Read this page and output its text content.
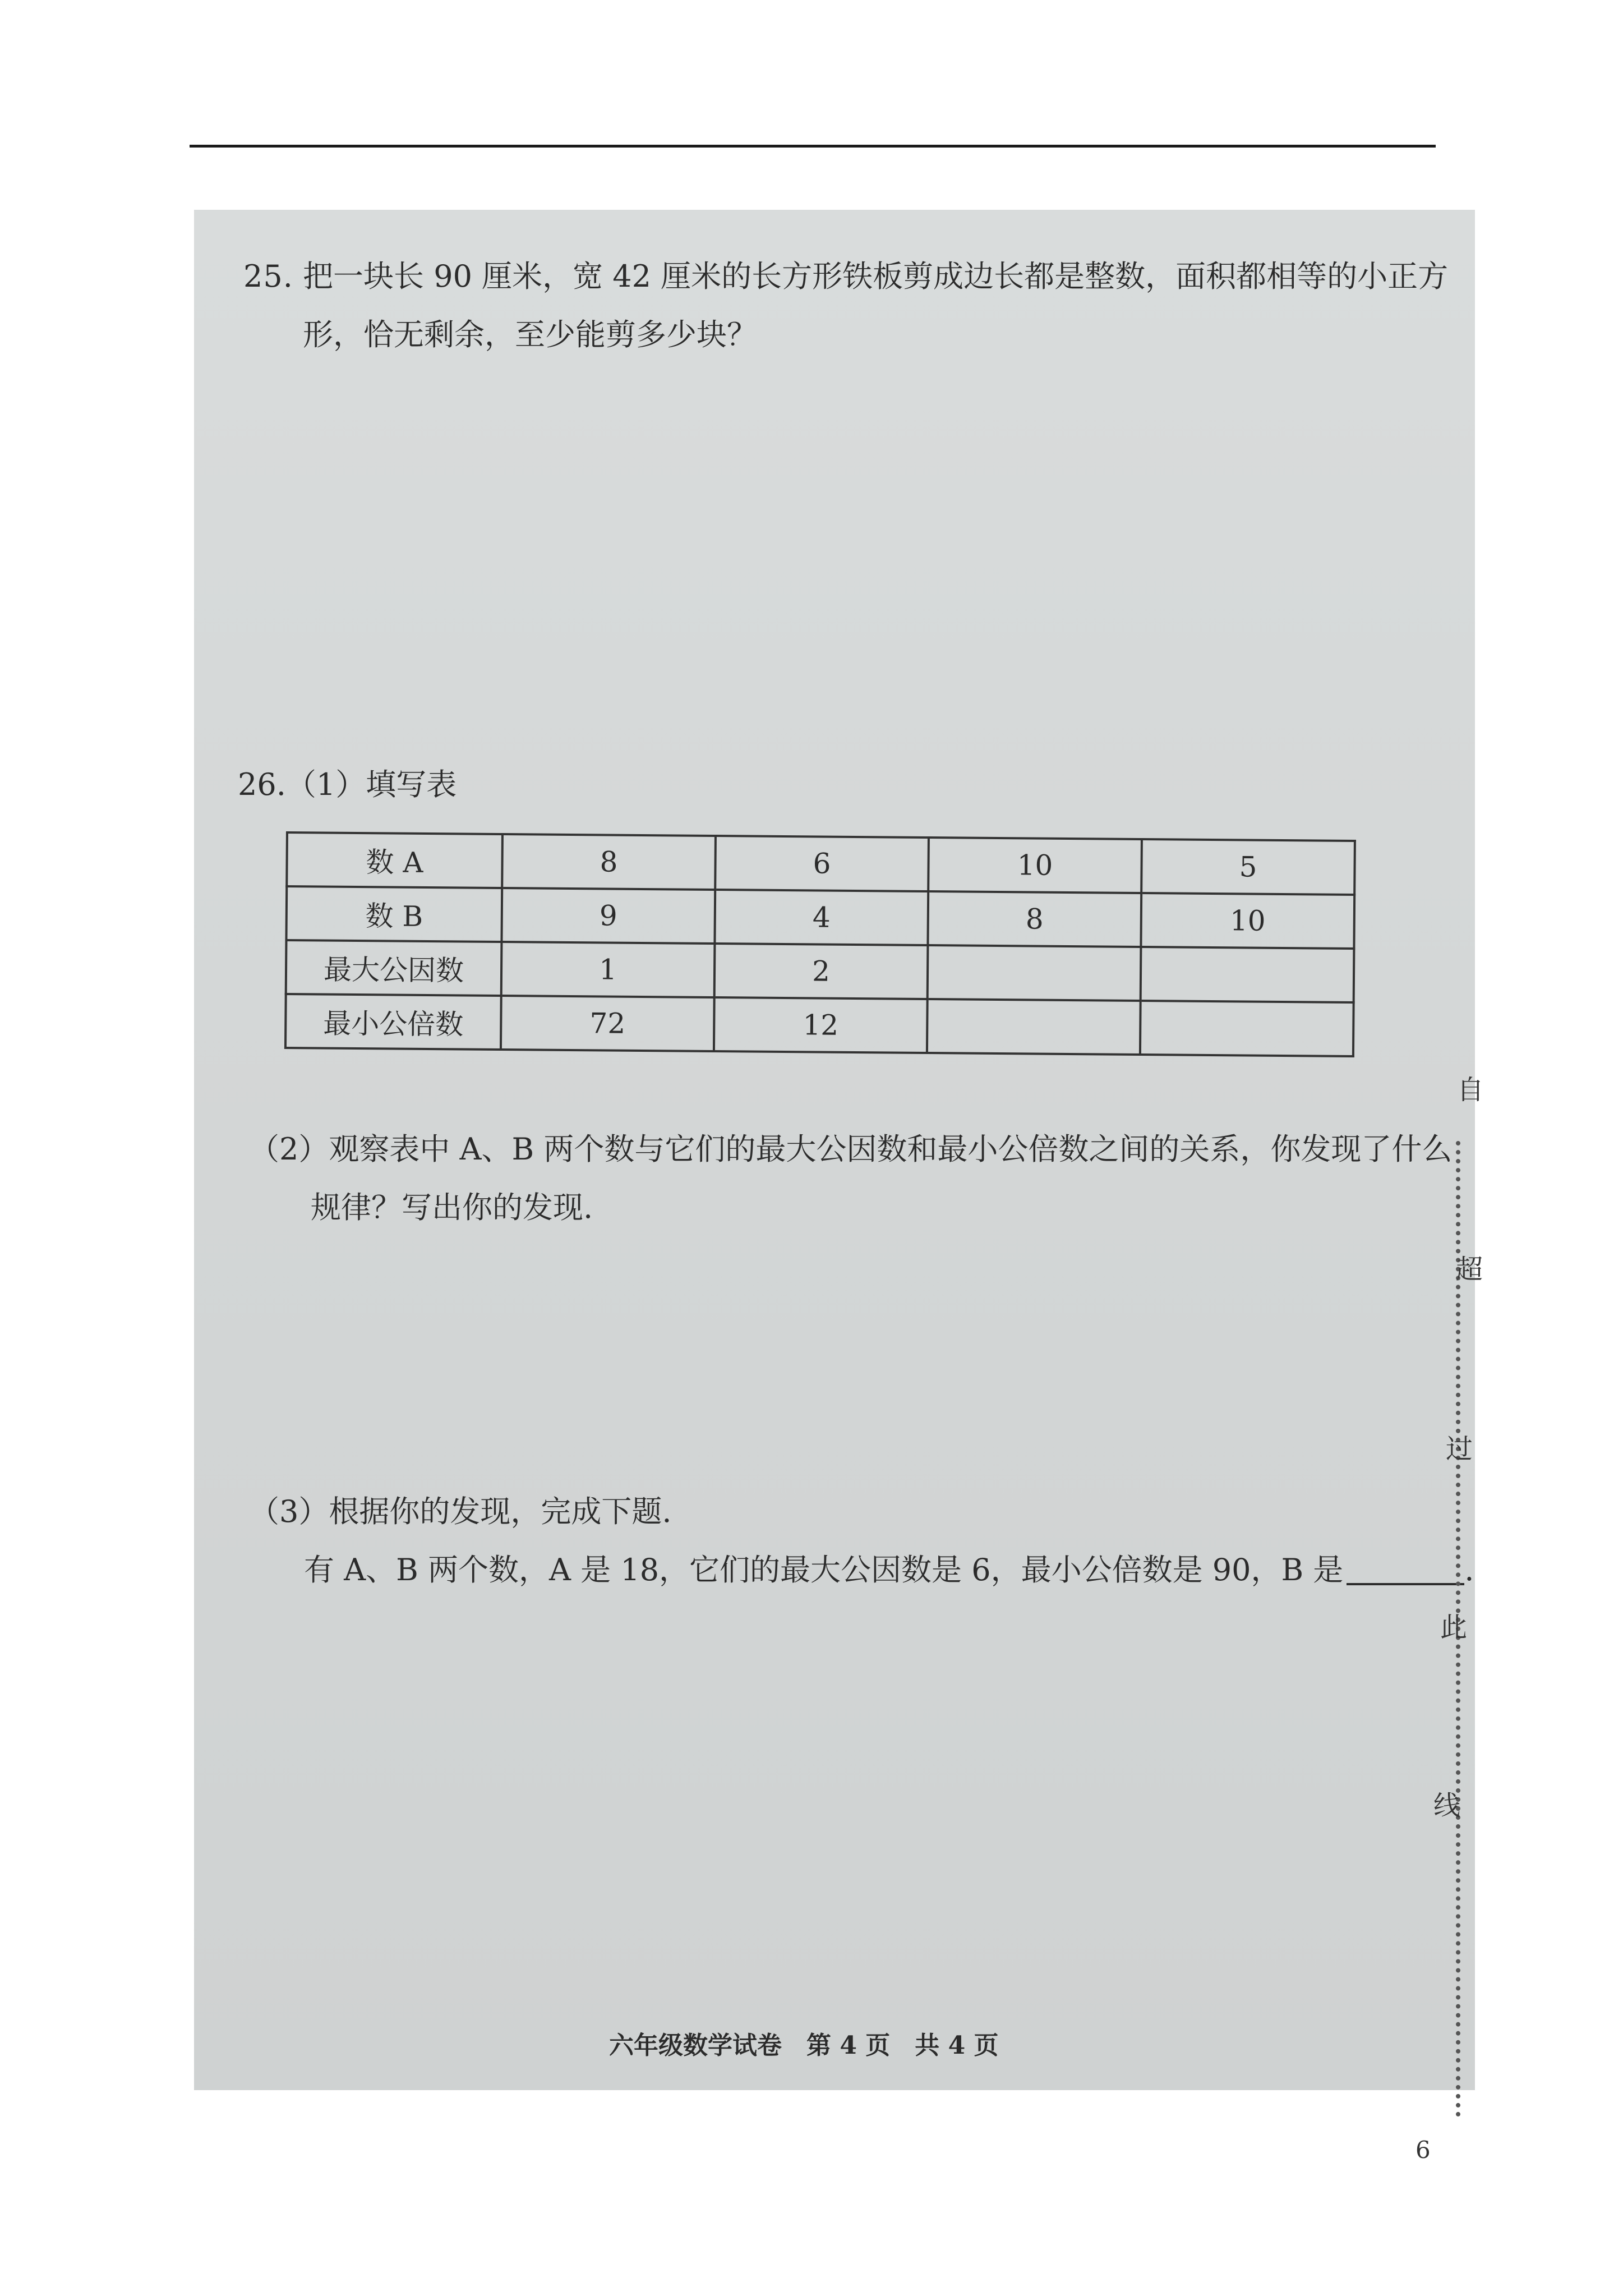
25. 把一块长 90 厘米，宽 42 厘米的长方形铁板剪成边长都是整数，面积都相等的小正方
形，恰无剩余，至少能剪多少块？
26.（1）填写表
数 A	8	6	10	5
数 B	9	4	8	10
最大公因数	1	2		
最小公倍数	72	12		
（2）观察表中 A、B 两个数与它们的最大公因数和最小公倍数之间的关系，你发现了什么
规律？写出你的发现.
（3）根据你的发现，完成下题.
有 A、B 两个数，A 是 18，它们的最大公因数是 6，最小公倍数是 90，B 是	.
六年级数学试卷　第 4 页　共 4 页
自
超
过
此
线
6
